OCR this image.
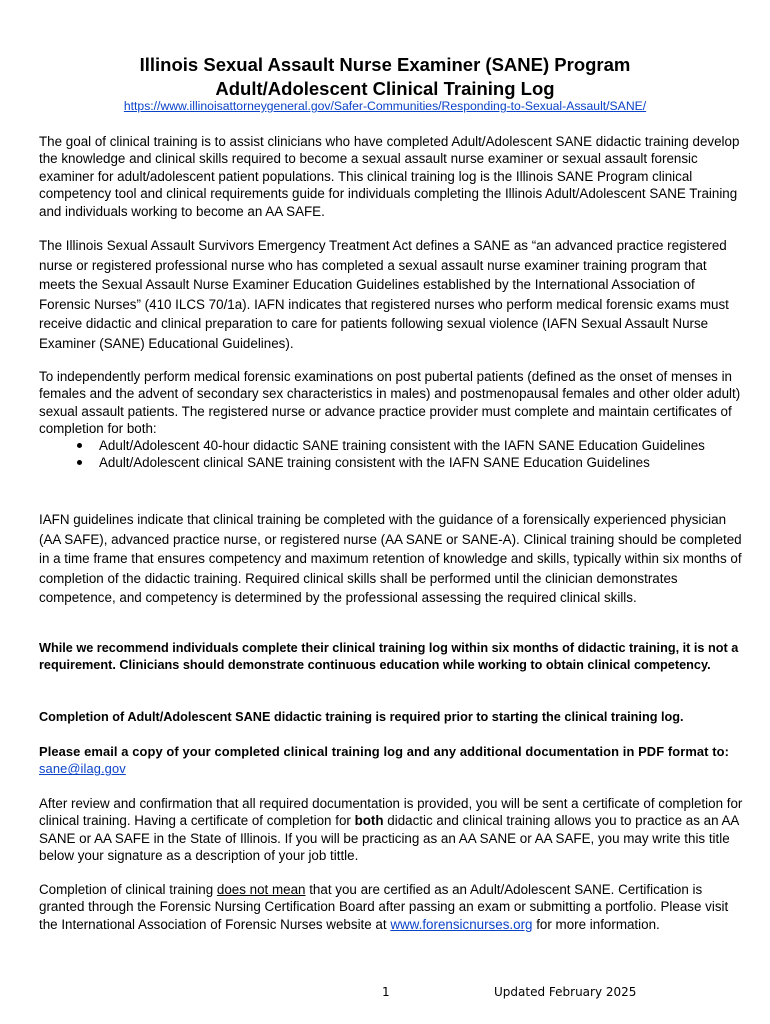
Illinois Sexual Assault Nurse Examiner (SANE) Program
Adult/Adolescent Clinical Training Log
https://www.illinoisattorneygeneral.gov/Safer-Communities/Responding-to-Sexual-Assault/SANE/

The goal of clinical training is to assist clinicians who have completed Adult/Adolescent SANE didactic training develop the knowledge and clinical skills required to become a sexual assault nurse examiner or sexual assault forensic examiner for adult/adolescent patient populations. This clinical training log is the Illinois SANE Program clinical competency tool and clinical requirements guide for individuals completing the Illinois Adult/Adolescent SANE Training and individuals working to become an AA SAFE.

The Illinois Sexual Assault Survivors Emergency Treatment Act defines a SANE as “an advanced practice registered nurse or registered professional nurse who has completed a sexual assault nurse examiner training program that meets the Sexual Assault Nurse Examiner Education Guidelines established by the International Association of Forensic Nurses” (410 ILCS 70/1a). IAFN indicates that registered nurses who perform medical forensic exams must receive didactic and clinical preparation to care for patients following sexual violence (IAFN Sexual Assault Nurse Examiner (SANE) Educational Guidelines).

To independently perform medical forensic examinations on post pubertal patients (defined as the onset of menses in females and the advent of secondary sex characteristics in males) and postmenopausal females and other older adult) sexual assault patients. The registered nurse or advance practice provider must complete and maintain certificates of completion for both:

Adult/Adolescent 40-hour didactic SANE training consistent with the IAFN SANE Education Guidelines
Adult/Adolescent clinical SANE training consistent with the IAFN SANE Education Guidelines

IAFN guidelines indicate that clinical training be completed with the guidance of a forensically experienced physician (AA SAFE), advanced practice nurse, or registered nurse (AA SANE or SANE-A). Clinical training should be completed in a time frame that ensures competency and maximum retention of knowledge and skills, typically within six months of completion of the didactic training. Required clinical skills shall be performed until the clinician demonstrates competence, and competency is determined by the professional assessing the required clinical skills.

While we recommend individuals complete their clinical training log within six months of didactic training, it is not a requirement. Clinicians should demonstrate continuous education while working to obtain clinical competency.

Completion of Adult/Adolescent SANE didactic training is required prior to starting the clinical training log.

Please email a copy of your completed clinical training log and any additional documentation in PDF format to: sane@ilag.gov

After review and confirmation that all required documentation is provided, you will be sent a certificate of completion for clinical training. Having a certificate of completion for both didactic and clinical training allows you to practice as an AA SANE or AA SAFE in the State of Illinois. If you will be practicing as an AA SANE or AA SAFE, you may write this title below your signature as a description of your job tittle.

Completion of clinical training does not mean that you are certified as an Adult/Adolescent SANE. Certification is granted through the Forensic Nursing Certification Board after passing an exam or submitting a portfolio. Please visit the International Association of Forensic Nurses website at www.forensicnurses.org for more information.

1	Updated February 2025
